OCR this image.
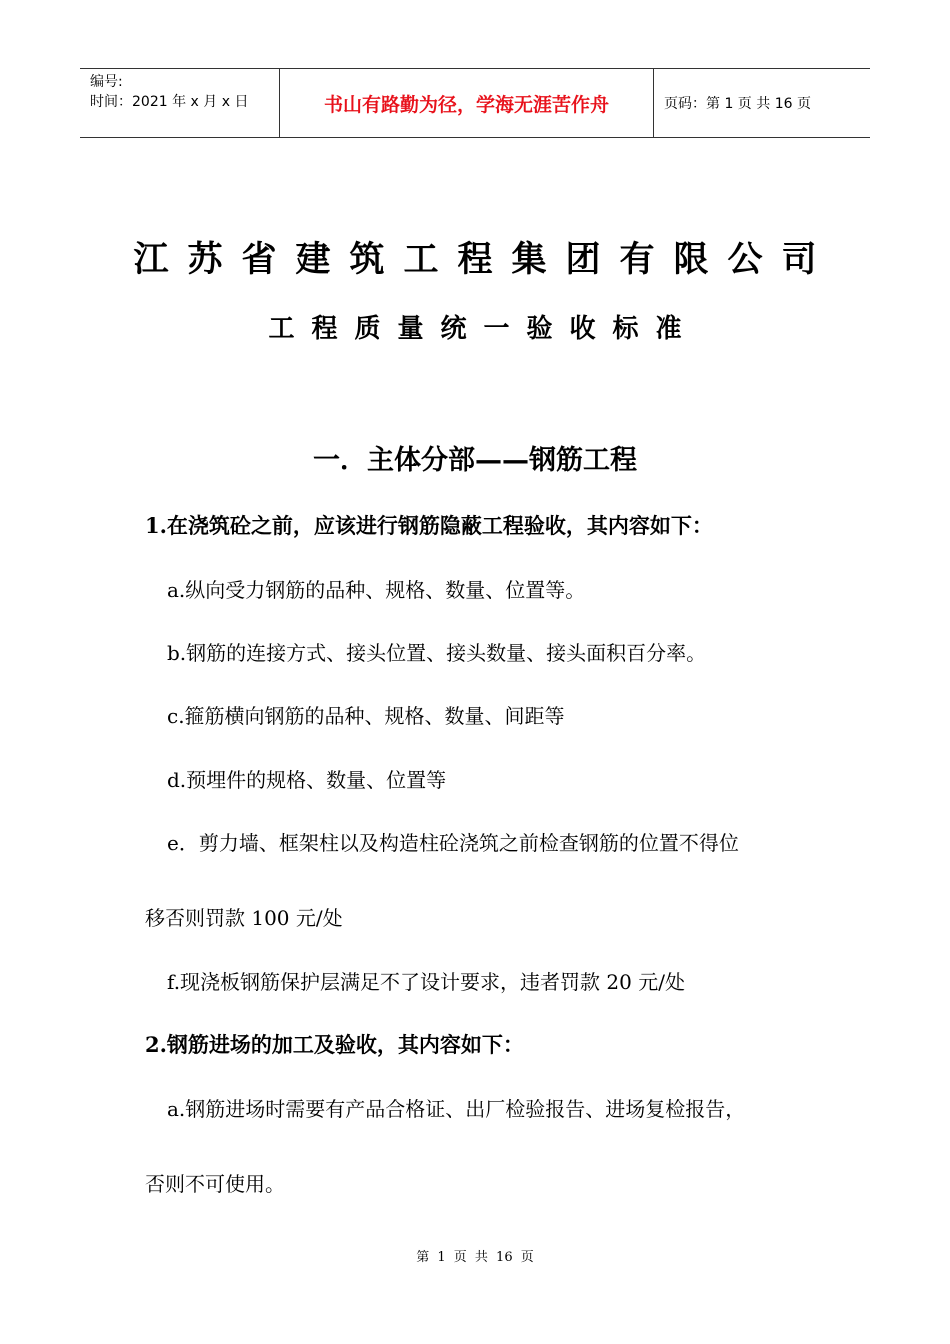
编号:
时间：2021 年 x 月 x 日	书山有路勤为径，学海无涯苦作舟	页码：第 1 页 共 16 页
江苏省建筑工程集团有限公司
工程质量统一验收标准
一．主体分部——钢筋工程
1.在浇筑砼之前，应该进行钢筋隐蔽工程验收，其内容如下：
a.纵向受力钢筋的品种、规格、数量、位置等。
b.钢筋的连接方式、接头位置、接头数量、接头面积百分率。
c.箍筋横向钢筋的品种、规格、数量、间距等
d.预埋件的规格、数量、位置等
e．剪力墙、框架柱以及构造柱砼浇筑之前检查钢筋的位置不得位
移否则罚款 100 元/处
f.现浇板钢筋保护层满足不了设计要求，违者罚款 20 元/处
2.钢筋进场的加工及验收，其内容如下：
a.钢筋进场时需要有产品合格证、出厂检验报告、进场复检报告，
否则不可使用。
第 1 页 共 16 页
